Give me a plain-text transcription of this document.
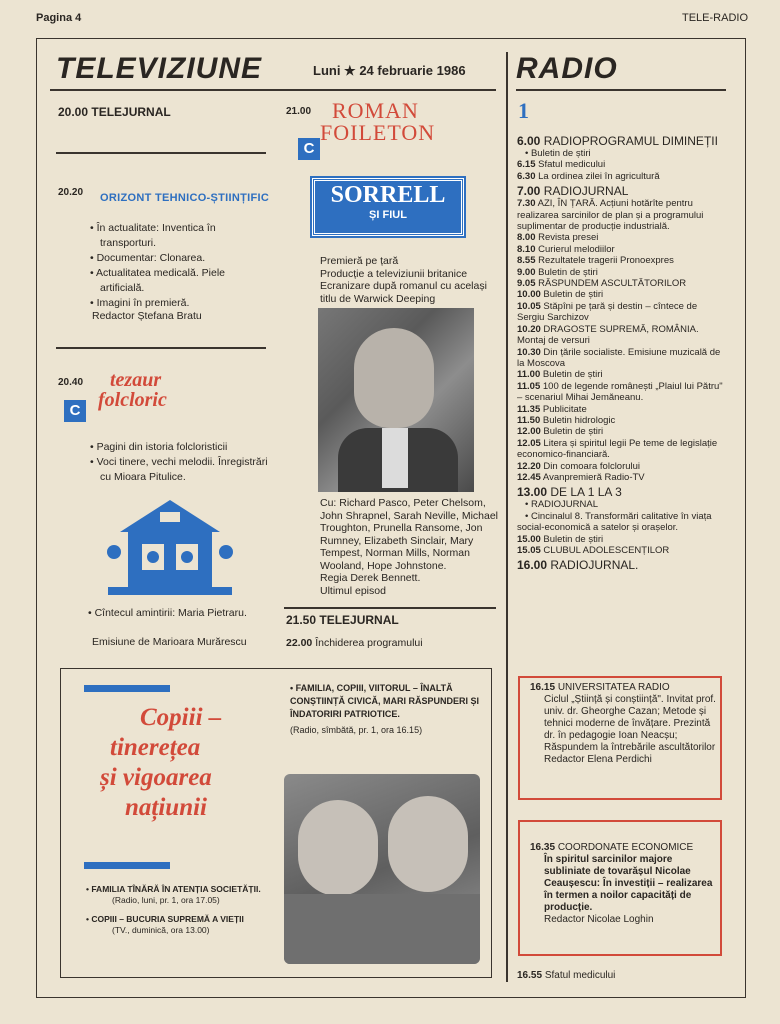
Pagina 4	TELE-RADIO
TELEVIZIUNE	Luni ★ 24 februarie 1986 RADIO
20.00 TELEJURNAL
20.20 ORIZONT TEHNICO-ȘTIINȚIFIC
• În actualitate: Inventica în transporturi.
• Documentar: Clonarea.
• Actualitatea medicală. Piele artificială.
• Imagini în premieră.
Redactor Ștefana Bratu
20.40
C
tezaur
folcloric
• Pagini din istoria folcloristicii
• Voci tinere, vechi melodii. Înregistrări cu Mioara Pitulice.
• Cîntecul amintirii: Maria Pietraru.
Emisiune de Marioara Murărescu
21.00 ROMAN
FOILETON
C
SORRELL
ȘI FIUL
Premieră pe țară
Producție a televiziunii britanice
Ecranizare după romanul cu același titlu de Warwick Deeping
Cu: Richard Pasco, Peter Chelsom, John Shrapnel, Sarah Neville, Michael Troughton, Prunella Ransome, Jon Rumney, Elizabeth Sinclair, Mary Tempest, Norman Mills, Norman Wooland, Hope Johnstone.
Regia Derek Bennett.
Ultimul episod
21.50 TELEJURNAL
22.00 Închiderea programului
Copiii –
tinerețea
și vigoarea
națiunii
• FAMILIA TÎNĂRĂ ÎN ATENȚIA SOCIETĂȚII.
(Radio, luni, pr. 1, ora 17.05)
• COPIII – BUCURIA SUPREMĂ A VIEȚII
(TV., duminică, ora 13.00)
• FAMILIA, COPIII, VIITORUL – ÎNALTĂ CONȘTIINȚĂ CIVICĂ, MARI RĂSPUNDERI ȘI ÎNDATORIRI PATRIOTICE.
(Radio, sîmbătă, pr. 1, ora 16.15)
1
6.00 RADIOPROGRAMUL DIMINEȚII
• Buletin de știri
6.15 Sfatul medicului
6.30 La ordinea zilei în agricultură
7.00 RADIOJURNAL
7.30 AZI, ÎN ȚARĂ. Acțiuni hotărîte pentru realizarea sarcinilor de plan și a programului suplimentar de producție industrială.
8.00 Revista presei
8.10 Curierul melodiilor
8.55 Rezultatele tragerii Pronoexpres
9.00 Buletin de știri
9.05 RĂSPUNDEM ASCULTĂTORILOR
10.00 Buletin de știri
10.05 Stăpîni pe țară și destin – cîntece de Sergiu Sarchizov
10.20 DRAGOSTE SUPREMĂ, ROMÂNIA. Montaj de versuri
10.30 Din țările socialiste. Emisiune muzicală de la Moscova
11.00 Buletin de știri
11.05 100 de legende românești „Plaiul lui Pătru" – scenariul Mihai Jemăneanu.
11.35 Publicitate
11.50 Buletin hidrologic
12.00 Buletin de știri
12.05 Litera și spiritul legii Pe teme de legislație economico-financiară.
12.20 Din comoara folclorului
12.45 Avanpremieră Radio-TV
13.00 DE LA 1 LA 3
• RADIOJURNAL
• Cincinalul 8. Transformări calitative în viața social-economică a satelor și orașelor.
15.00 Buletin de știri
15.05 CLUBUL ADOLESCENȚILOR
16.00 RADIOJURNAL.
16.15 UNIVERSITATEA RADIO
Ciclul „Știință și conștiință". Invitat prof. univ. dr. Gheorghe Cazan; Metode și tehnici moderne de învățare. Prezintă dr. în pedagogie Ioan Neacșu; Răspundem la întrebările ascultătorilor
Redactor Elena Perdichi
16.35 COORDONATE ECONOMICE
În spiritul sarcinilor majore subliniate de tovarășul Nicolae Ceaușescu: În investiții – realizarea în termen a noilor capacități de producție.
Redactor Nicolae Loghin
16.55 Sfatul medicului
